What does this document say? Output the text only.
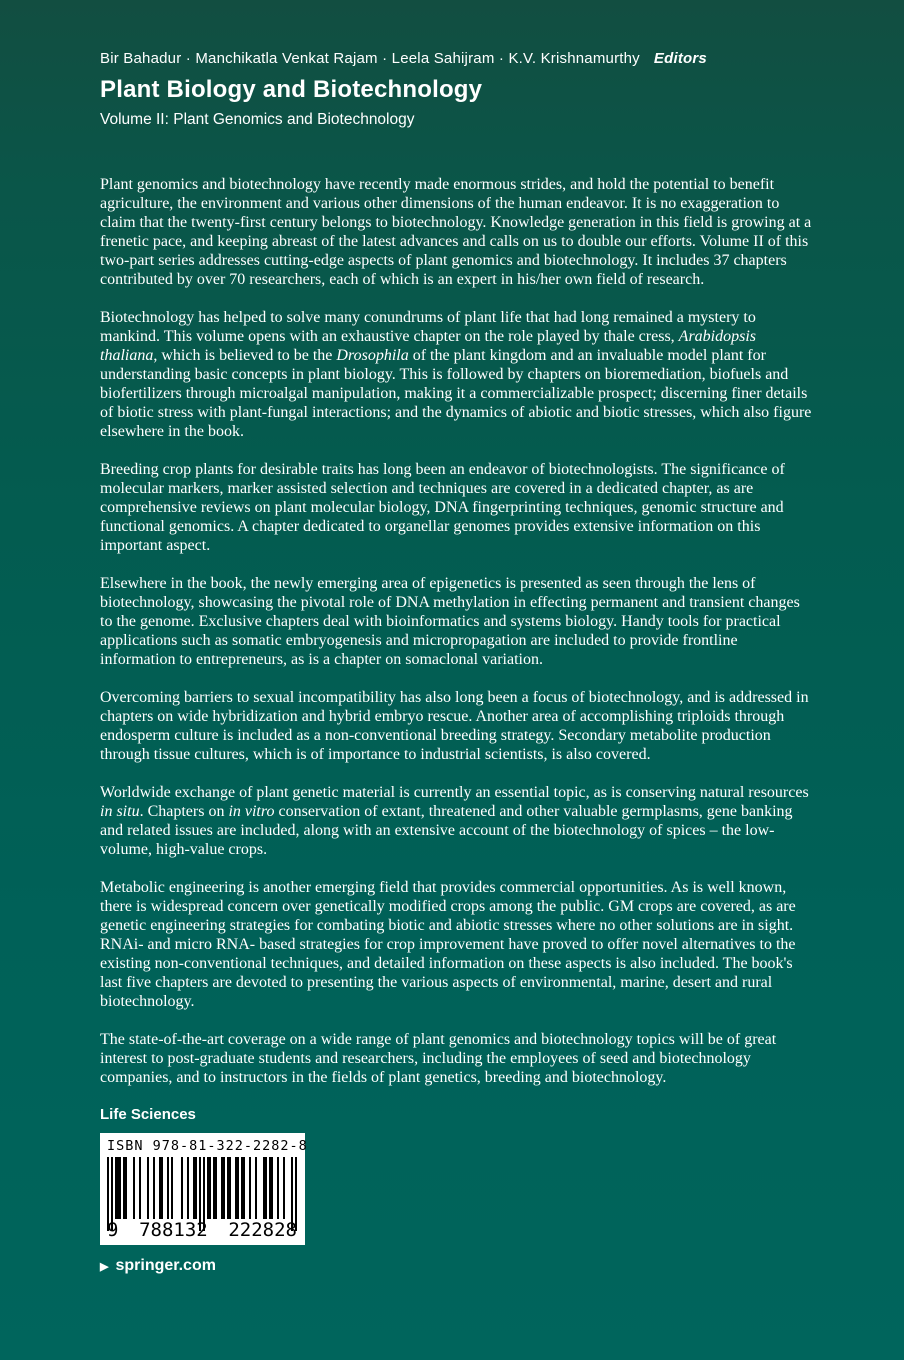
Bir Bahadur · Manchikatla Venkat Rajam · Leela Sahijram · K.V. Krishnamurthy Editors
Plant Biology and Biotechnology
Volume II: Plant Genomics and Biotechnology

Plant genomics and biotechnology have recently made enormous strides, and hold the potential to benefit agriculture, the environment and various other dimensions of the human endeavor. It is no exaggeration to claim that the twenty-first century belongs to biotechnology. Knowledge generation in this field is growing at a frenetic pace, and keeping abreast of the latest advances and calls on us to double our efforts. Volume II of this two-part series addresses cutting-edge aspects of plant genomics and biotechnology. It includes 37 chapters contributed by over 70 researchers, each of which is an expert in his/her own field of research.

Biotechnology has helped to solve many conundrums of plant life that had long remained a mystery to mankind. This volume opens with an exhaustive chapter on the role played by thale cress, Arabidopsis thaliana, which is believed to be the Drosophila of the plant kingdom and an invaluable model plant for understanding basic concepts in plant biology. This is followed by chapters on bioremediation, biofuels and biofertilizers through microalgal manipulation, making it a commercializable prospect; discerning finer details of biotic stress with plant-fungal interactions; and the dynamics of abiotic and biotic stresses, which also figure elsewhere in the book.

Breeding crop plants for desirable traits has long been an endeavor of biotechnologists. The significance of molecular markers, marker assisted selection and techniques are covered in a dedicated chapter, as are comprehensive reviews on plant molecular biology, DNA fingerprinting techniques, genomic structure and functional genomics. A chapter dedicated to organellar genomes provides extensive information on this important aspect.

Elsewhere in the book, the newly emerging area of epigenetics is presented as seen through the lens of biotechnology, showcasing the pivotal role of DNA methylation in effecting permanent and transient changes to the genome. Exclusive chapters deal with bioinformatics and systems biology. Handy tools for practical applications such as somatic embryogenesis and micropropagation are included to provide frontline information to entrepreneurs, as is a chapter on somaclonal variation.

Overcoming barriers to sexual incompatibility has also long been a focus of biotechnology, and is addressed in chapters on wide hybridization and hybrid embryo rescue. Another area of accomplishing triploids through endosperm culture is included as a non-conventional breeding strategy. Secondary metabolite production through tissue cultures, which is of importance to industrial scientists, is also covered.

Worldwide exchange of plant genetic material is currently an essential topic, as is conserving natural resources in situ. Chapters on in vitro conservation of extant, threatened and other valuable germplasms, gene banking and related issues are included, along with an extensive account of the biotechnology of spices – the low-volume, high-value crops.

Metabolic engineering is another emerging field that provides commercial opportunities. As is well known, there is widespread concern over genetically modified crops among the public. GM crops are covered, as are genetic engineering strategies for combating biotic and abiotic stresses where no other solutions are in sight. RNAi- and micro RNA- based strategies for crop improvement have proved to offer novel alternatives to the existing non-conventional techniques, and detailed information on these aspects is also included. The book's last five chapters are devoted to presenting the various aspects of environmental, marine, desert and rural biotechnology.

The state-of-the-art coverage on a wide range of plant genomics and biotechnology topics will be of great interest to post-graduate students and researchers, including the employees of seed and biotechnology companies, and to instructors in the fields of plant genetics, breeding and biotechnology.

Life Sciences
ISBN 978-81-322-2282-8
9 788132 222828
▶ springer.com
